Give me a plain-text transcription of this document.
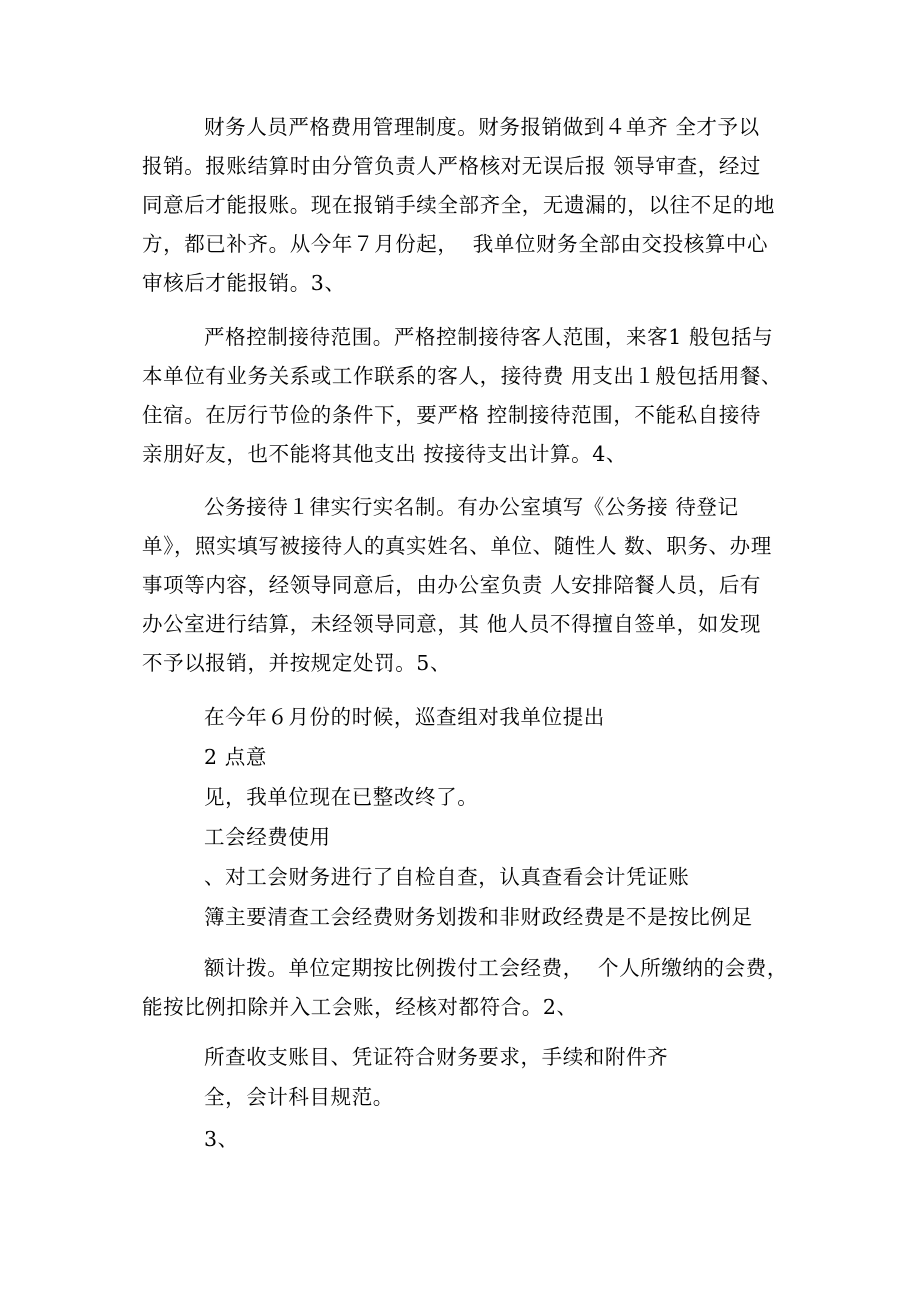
财务人员严格费用管理制度。财务报销做到４单齐 全才予以
报销。报账结算时由分管负责人严格核对无误后报 领导审查，经过
同意后才能报账。现在报销手续全部齐全，无遗漏的，以往不足的地
方，都已补齐。从今年７月份起，  我单位财务全部由交投核算中心
审核后才能报销。3、
严格控制接待范围。严格控制接待客人范围，来客1 般包括与
本单位有业务关系或工作联系的客人，接待费 用支出１般包括用餐、
住宿。在厉行节俭的条件下，要严格 控制接待范围，不能私自接待
亲朋好友，也不能将其他支出 按接待支出计算。4、
公务接待１律实行实名制。有办公室填写《公务接 待登记
单》，照实填写被接待人的真实姓名、单位、随性人 数、职务、办理
事项等内容，经领导同意后，由办公室负责 人安排陪餐人员，后有
办公室进行结算，未经领导同意，其 他人员不得擅自签单，如发现
不予以报销，并按规定处罚。5、
在今年６月份的时候，巡查组对我单位提出
2 点意
见，我单位现在已整改终了。
工会经费使用
、对工会财务进行了自检自查，认真查看会计凭证账
簿主要清查工会经费财务划拨和非财政经费是不是按比例足
额计拨。单位定期按比例拨付工会经费，  个人所缴纳的会费，
能按比例扣除并入工会账，经核对都符合。2、
所查收支账目、凭证符合财务要求，手续和附件齐
全，会计科目规范。
3、
